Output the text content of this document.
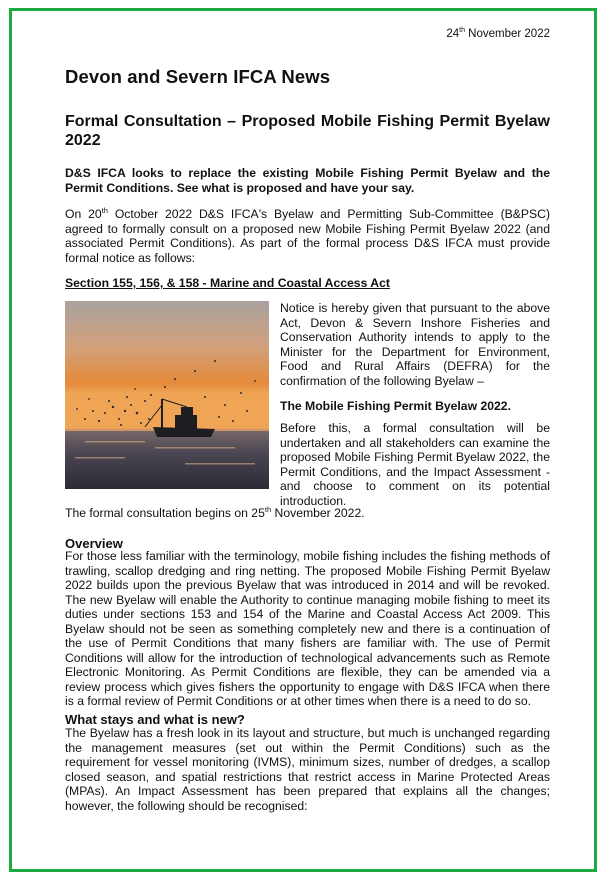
24th November 2022
Devon and Severn IFCA News
Formal Consultation – Proposed Mobile Fishing Permit Byelaw 2022

D&S IFCA looks to replace the existing Mobile Fishing Permit Byelaw and the Permit Conditions. See what is proposed and have your say.

On 20th October 2022 D&S IFCA's Byelaw and Permitting Sub-Committee (B&PSC) agreed to formally consult on a proposed new Mobile Fishing Permit Byelaw 2022 (and associated Permit Conditions). As part of the formal process D&S IFCA must provide formal notice as follows:

Section 155, 156, & 158 - Marine and Coastal Access Act

Notice is hereby given that pursuant to the above Act, Devon & Severn Inshore Fisheries and Conservation Authority intends to apply to the Minister for the Department for Environment, Food and Rural Affairs (DEFRA) for the confirmation of the following Byelaw –

The Mobile Fishing Permit Byelaw 2022.

Before this, a formal consultation will be undertaken and all stakeholders can examine the proposed Mobile Fishing Permit Byelaw 2022, the Permit Conditions, and the Impact Assessment - and choose to comment on its potential introduction.

The formal consultation begins on 25th November 2022.

Overview

For those less familiar with the terminology, mobile fishing includes the fishing methods of trawling, scallop dredging and ring netting. The proposed Mobile Fishing Permit Byelaw 2022 builds upon the previous Byelaw that was introduced in 2014 and will be revoked. The new Byelaw will enable the Authority to continue managing mobile fishing to meet its duties under sections 153 and 154 of the Marine and Coastal Access Act 2009. This Byelaw should not be seen as something completely new and there is a continuation of the use of Permit Conditions that many fishers are familiar with. The use of Permit Conditions will allow for the introduction of technological advancements such as Remote Electronic Monitoring. As Permit Conditions are flexible, they can be amended via a review process which gives fishers the opportunity to engage with D&S IFCA when there is a formal review of Permit Conditions or at other times when there is a need to do so.

What stays and what is new?

The Byelaw has a fresh look in its layout and structure, but much is unchanged regarding the management measures (set out within the Permit Conditions) such as the requirement for vessel monitoring (IVMS), minimum sizes, number of dredges, a scallop closed season, and spatial restrictions that restrict access in Marine Protected Areas (MPAs). An Impact Assessment has been prepared that explains all the changes; however, the following should be recognised:
